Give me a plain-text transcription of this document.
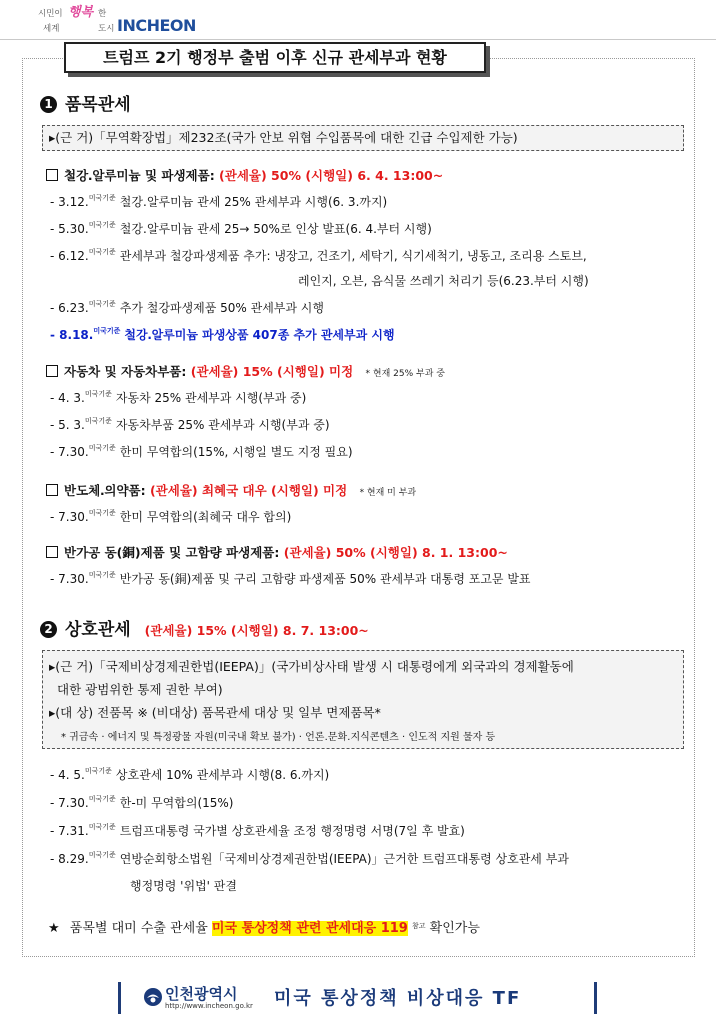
시민이 행복 한
세계	도시 INCHEON
트럼프 2기 행정부 출범 이후 신규 관세부과 현황
1 품목관세
▸(근 거)「무역확장법」제232조(국가 안보 위협 수입품목에 대한 긴급 수입제한 가능)
철강․알루미늄 및 파생제품: (관세율) 50% (시행일) 6. 4. 13:00~
- 3.12.$^{미국기준}$ 철강․알루미늄 관세 25% 관세부과 시행(6. 3.까지)
- 5.30.$^{미국기준}$ 철강․알루미늄 관세 25→ 50%로 인상 발표(6. 4.부터 시행)
- 6.12.$^{미국기준}$ 관세부과 철강파생제품 추가: 냉장고, 건조기, 세탁기, 식기세척기, 냉동고, 조리용 스토브,
레인지, 오븐, 음식물 쓰레기 처리기 등(6.23.부터 시행)
- 6.23.$^{미국기준}$ 추가 철강파생제품 50% 관세부과 시행
- 8.18.$^{미국기준}$ 철강․알루미늄 파생상품 407종 추가 관세부과 시행
자동차 및 자동차부품: (관세율) 15% (시행일) 미정 * 현재 25% 부과 중
- 4. 3.$^{미국기준}$ 자동차 25% 관세부과 시행(부과 중)
- 5. 3.$^{미국기준}$ 자동차부품 25% 관세부과 시행(부과 중)
- 7.30.$^{미국기준}$ 한미 무역합의(15%, 시행일 별도 지정 필요)
반도체․의약품: (관세율) 최혜국 대우 (시행일) 미정 * 현재 미 부과
- 7.30.$^{미국기준}$ 한미 무역합의(최혜국 대우 합의)
반가공 동(銅)제품 및 고함량 파생제품: (관세율) 50% (시행일) 8. 1. 13:00~
- 7.30.$^{미국기준}$ 반가공 동(銅)제품 및 구리 고함량 파생제품 50% 관세부과 대통령 포고문 발표
2 상호관세 (관세율) 15% (시행일) 8. 7. 13:00~
▸(근 거)「국제비상경제권한법(IEEPA)」(국가비상사태 발생 시 대통령에게 외국과의 경제활동에
대한 광범위한 통제 권한 부여)
▸(대 상) 전품목 ※ (비대상) 품목관세 대상 및 일부 면제품목*
* 귀금속 · 에너지 및 특정광물 자원(미국내 확보 불가) · 언론․문화․지식콘텐츠 · 인도적 지원 물자 등
- 4. 5.$^{미국기준}$ 상호관세 10% 관세부과 시행(8. 6.까지)
- 7.30.$^{미국기준}$ 한-미 무역합의(15%)
- 7.31.$^{미국기준}$ 트럼프대통령 국가별 상호관세율 조정 행정명령 서명(7일 후 발효)
- 8.29.$^{미국기준}$ 연방순회항소법원「국제비상경제권한법(IEEPA)」근거한 트럼프대통령 상호관세 부과
행정명령 '위법' 판결
★ 품목별 대미 수출 관세율 미국 통상정책 관련 관세대응 119 $^{참고}$ 확인가능
인천광역시
http://www.incheon.go.kr 미국 통상정책 비상대응 TF
